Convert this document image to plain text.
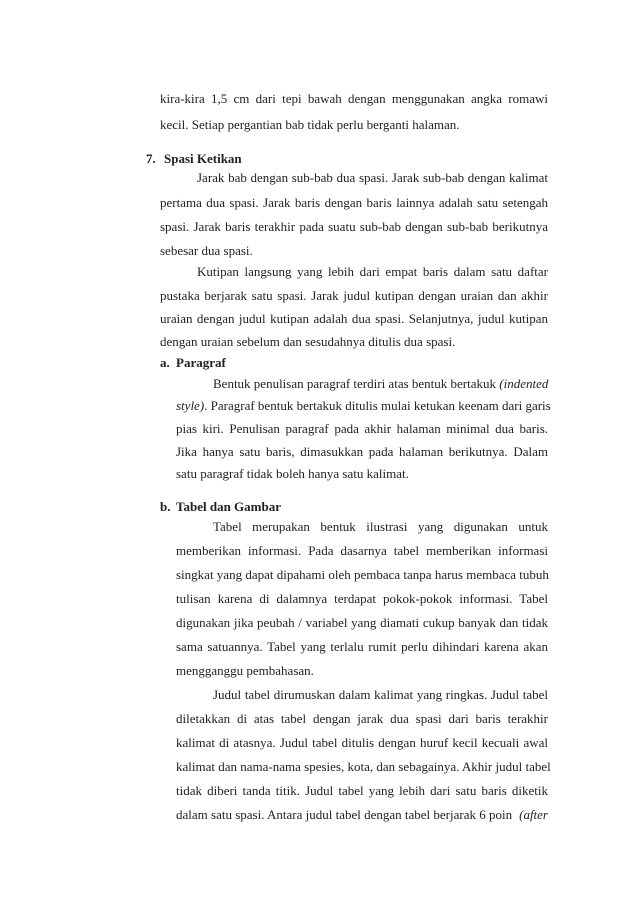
kira-kira 1,5 cm dari tepi bawah dengan menggunakan angka romawi
kecil. Setiap pergantian bab tidak perlu berganti halaman.
7. Spasi Ketikan
Jarak bab dengan sub-bab dua spasi. Jarak sub-bab dengan kalimat
pertama dua spasi. Jarak baris dengan baris lainnya adalah satu setengah
spasi. Jarak baris terakhir pada suatu sub-bab dengan sub-bab berikutnya
sebesar dua spasi.
Kutipan langsung yang lebih dari empat baris dalam satu daftar
pustaka berjarak satu spasi. Jarak judul kutipan dengan uraian dan akhir
uraian dengan judul kutipan adalah dua spasi. Selanjutnya, judul kutipan
dengan uraian sebelum dan sesudahnya ditulis dua spasi.
a. Paragraf
Bentuk penulisan paragraf terdiri atas bentuk bertakuk (indented
style). Paragraf bentuk bertakuk ditulis mulai ketukan keenam dari garis
pias kiri. Penulisan paragraf pada akhir halaman minimal dua baris.
Jika hanya satu baris, dimasukkan pada halaman berikutnya. Dalam
satu paragraf tidak boleh hanya satu kalimat.
b. Tabel dan Gambar
Tabel merupakan bentuk ilustrasi yang digunakan untuk
memberikan informasi. Pada dasarnya tabel memberikan informasi
singkat yang dapat dipahami oleh pembaca tanpa harus membaca tubuh
tulisan karena di dalamnya terdapat pokok-pokok informasi. Tabel
digunakan jika peubah / variabel yang diamati cukup banyak dan tidak
sama satuannya. Tabel yang terlalu rumit perlu dihindari karena akan
mengganggu pembahasan.
Judul tabel dirumuskan dalam kalimat yang ringkas. Judul tabel
diletakkan di atas tabel dengan jarak dua spasi dari baris terakhir
kalimat di atasnya. Judul tabel ditulis dengan huruf kecil kecuali awal
kalimat dan nama-nama spesies, kota, dan sebagainya. Akhir judul tabel
tidak diberi tanda titik. Judul tabel yang lebih dari satu baris diketik
dalam satu spasi. Antara judul tabel dengan tabel berjarak 6 poin (after
